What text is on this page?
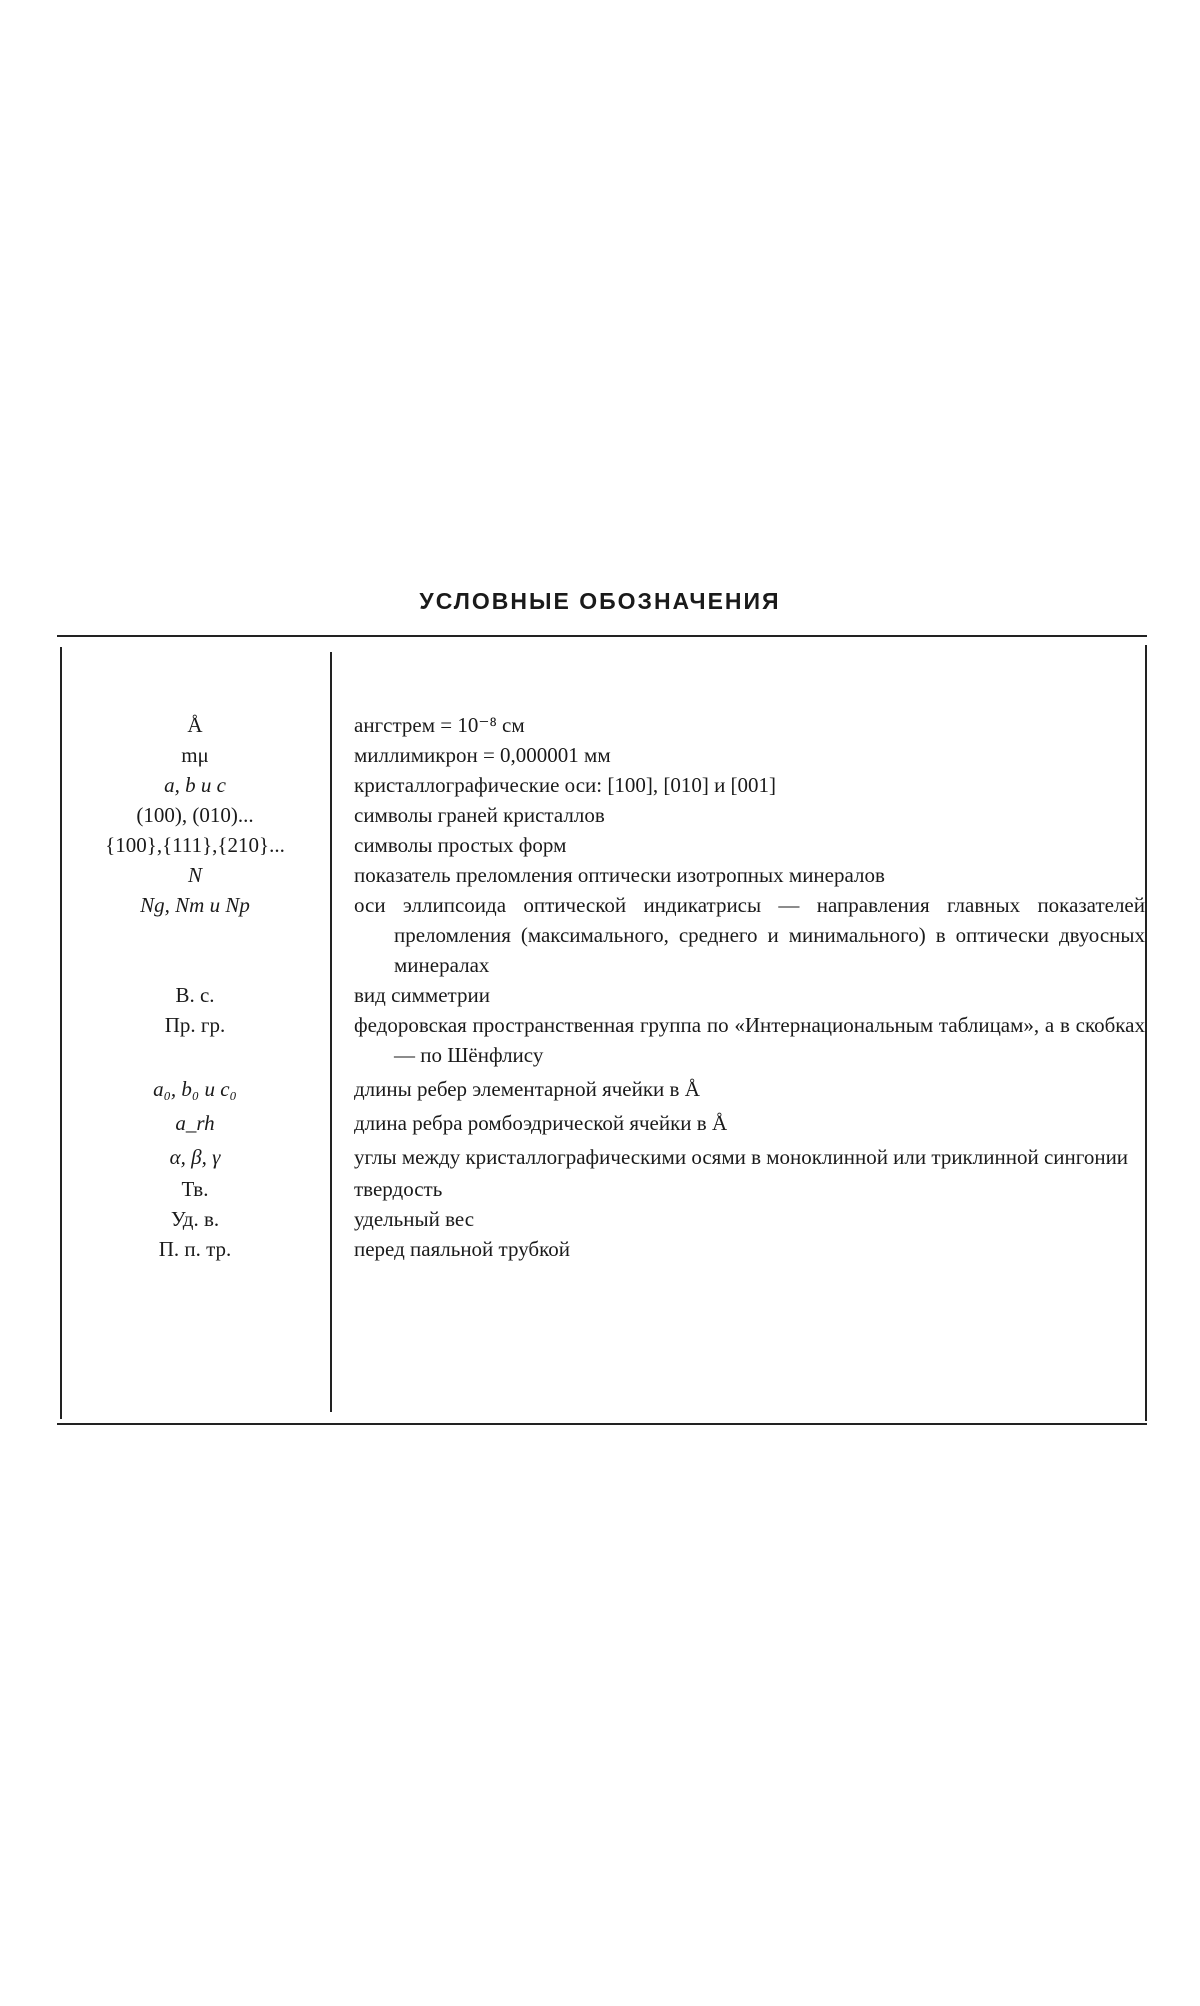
УСЛОВНЫЕ ОБОЗНАЧЕНИЯ
Å	ангстрем = 10⁻⁸ см
mμ	миллимикрон = 0,000001 мм
a, b и c	кристаллографические оси: [100], [010] и [001]
(100), (010)...	символы граней кристаллов
{100},{111},{210}...	символы простых форм
N	показатель преломления оптически изотропных минералов
Ng, Nm и Np	оси эллипсоида оптической индикатрисы — направления главных показателей преломления (максимального, среднего и минимального) в оптически двуосных минералах
В. с.	вид симметрии
Пр. гр.	федоровская пространственная группа по «Интернациональным таблицам», а в скобках — по Шёнфлису
a₀, b₀ и c₀	длины ребер элементарной ячейки в Å
a_rh	длина ребра ромбоэдрической ячейки в Å
α, β, γ	углы между кристаллографическими осями в моноклинной или триклинной сингонии
Тв.	твердость
Уд. в.	удельный вес
П. п. тр.	перед паяльной трубкой
